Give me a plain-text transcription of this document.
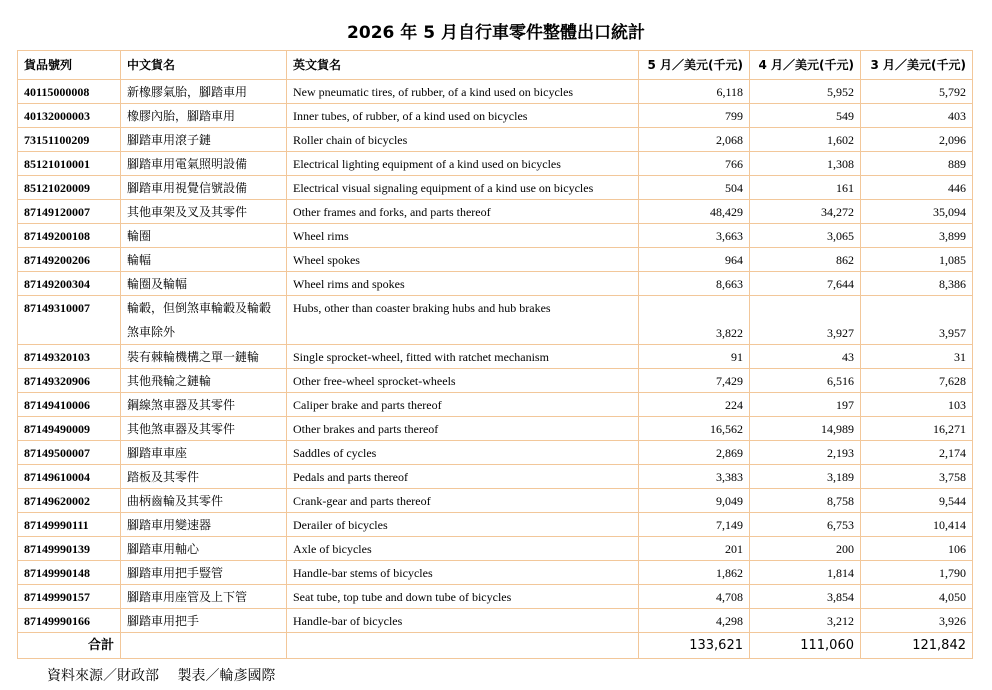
2026 年 5 月自行車零件整體出口統計
貨品號列	中文貨名	英文貨名	5 月／美元(千元)	4 月／美元(千元)	3 月／美元(千元)
40115000008	新橡膠氣胎，腳踏車用	New pneumatic tires, of rubber, of a kind used on bicycles	6,118	5,952	5,792
40132000003	橡膠內胎，腳踏車用	Inner tubes, of rubber, of a kind used on bicycles	799	549	403
73151100209	腳踏車用滾子鏈	Roller chain of bicycles	2,068	1,602	2,096
85121010001	腳踏車用電氣照明設備	Electrical lighting equipment of a kind used on bicycles	766	1,308	889
85121020009	腳踏車用視覺信號設備	Electrical visual signaling equipment of a kind use on bicycles	504	161	446
87149120007	其他車架及叉及其零件	Other frames and forks, and parts thereof	48,429	34,272	35,094
87149200108	輪圈	Wheel rims	3,663	3,065	3,899
87149200206	輪幅	Wheel spokes	964	862	1,085
87149200304	輪圈及輪幅	Wheel rims and spokes	8,663	7,644	8,386
87149310007	輪轂，但倒煞車輪轂及輪轂煞車除外	Hubs, other than coaster braking hubs and hub brakes	3,822	3,927	3,957
87149320103	裝有棘輪機構之單一鏈輪	Single sprocket-wheel, fitted with ratchet mechanism	91	43	31
87149320906	其他飛輪之鏈輪	Other free-wheel sprocket-wheels	7,429	6,516	7,628
87149410006	鋼線煞車器及其零件	Caliper brake and parts thereof	224	197	103
87149490009	其他煞車器及其零件	Other brakes and parts thereof	16,562	14,989	16,271
87149500007	腳踏車車座	Saddles of cycles	2,869	2,193	2,174
87149610004	踏板及其零件	Pedals and parts thereof	3,383	3,189	3,758
87149620002	曲柄齒輪及其零件	Crank-gear and parts thereof	9,049	8,758	9,544
87149990111	腳踏車用變速器	Derailer of bicycles	7,149	6,753	10,414
87149990139	腳踏車用軸心	Axle of bicycles	201	200	106
87149990148	腳踏車用把手豎管	Handle-bar stems of bicycles	1,862	1,814	1,790
87149990157	腳踏車用座管及上下管	Seat tube, top tube and down tube of bicycles	4,708	3,854	4,050
87149990166	腳踏車用把手	Handle-bar of bicycles	4,298	3,212	3,926
合計			133,621	111,060	121,842
資料來源／財政部　 製表／輪彥國際
